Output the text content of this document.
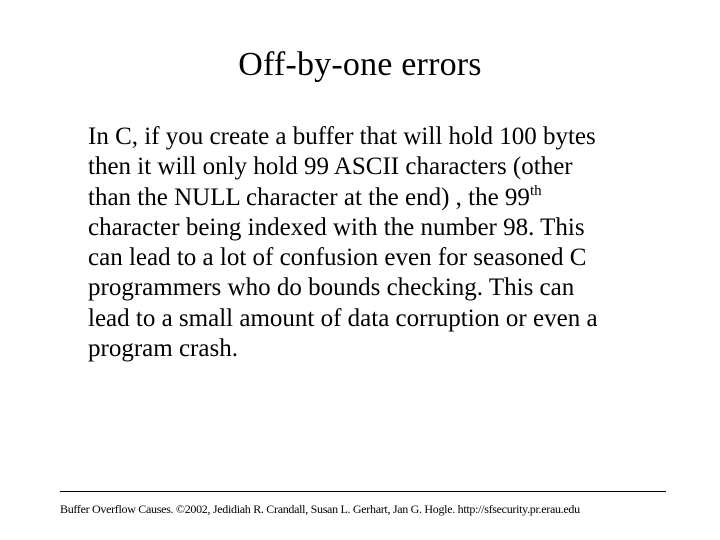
Off-by-one errors

In C, if you create a buffer that will hold 100 bytes
then it will only hold 99 ASCII characters (other
than the NULL character at the end) , the 99th
character being indexed with the number 98. This
can lead to a lot of confusion even for seasoned C
programmers who do bounds checking. This can
lead to a small amount of data corruption or even a
program crash.

Buffer Overflow Causes. ©2002, Jedidiah R. Crandall, Susan L. Gerhart, Jan G. Hogle. http://sfsecurity.pr.erau.edu
